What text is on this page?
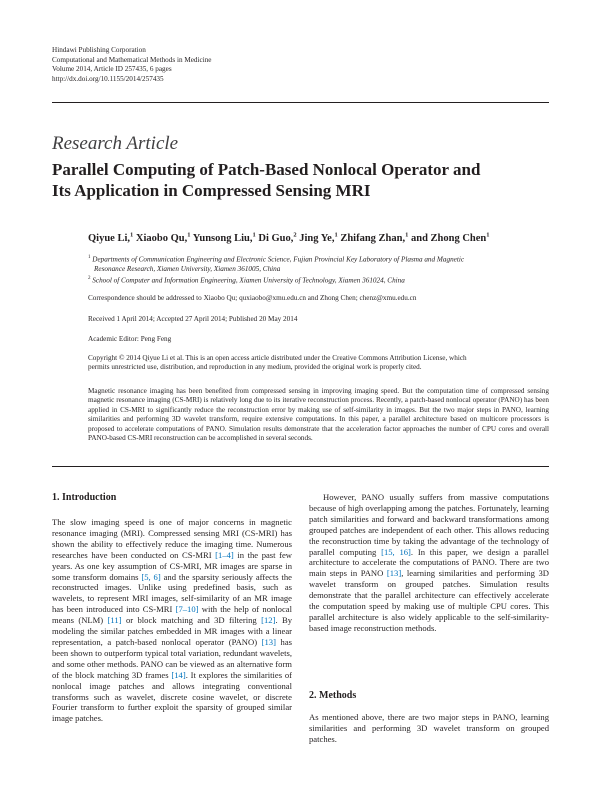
Hindawi Publishing Corporation
Computational and Mathematical Methods in Medicine
Volume 2014, Article ID 257435, 6 pages
http://dx.doi.org/10.1155/2014/257435
Research Article
Parallel Computing of Patch-Based Nonlocal Operator and
Its Application in Compressed Sensing MRI
Qiyue Li,$^1$ Xiaobo Qu,$^1$ Yunsong Liu,$^1$ Di Guo,$^2$ Jing Ye,$^1$ Zhifang Zhan,$^1$ and Zhong Chen$^1$
$^1$ Departments of Communication Engineering and Electronic Science, Fujian Provincial Key Laboratory of Plasma and Magnetic
Resonance Research, Xiamen University, Xiamen 361005, China
$^2$ School of Computer and Information Engineering, Xiamen University of Technology, Xiamen 361024, China
Correspondence should be addressed to Xiaobo Qu; quxiaobo@xmu.edu.cn and Zhong Chen; chenz@xmu.edu.cn
Received 1 April 2014; Accepted 27 April 2014; Published 20 May 2014
Academic Editor: Peng Feng
Copyright © 2014 Qiyue Li et al. This is an open access article distributed under the Creative Commons Attribution License, which
permits unrestricted use, distribution, and reproduction in any medium, provided the original work is properly cited.
Magnetic resonance imaging has been benefited from compressed sensing in improving imaging speed. But the computation time of compressed sensing magnetic resonance imaging (CS-MRI) is relatively long due to its iterative reconstruction process. Recently, a patch-based nonlocal operator (PANO) has been applied in CS-MRI to significantly reduce the reconstruction error by making use of self-similarity in images. But the two major steps in PANO, learning similarities and performing 3D wavelet transform, require extensive computations. In this paper, a parallel architecture based on multicore processors is proposed to accelerate computations of PANO. Simulation results demonstrate that the acceleration factor approaches the number of CPU cores and overall PANO-based CS-MRI reconstruction can be accomplished in several seconds.
1. Introduction

The slow imaging speed is one of major concerns in magnetic resonance imaging (MRI). Compressed sensing MRI (CS-MRI) has shown the ability to effectively reduce the imaging time. Numerous researches have been conducted on CS-MRI [1–4] in the past few years. As one key assumption of CS-MRI, MR images are sparse in some transform domains [5, 6] and the sparsity seriously affects the reconstructed images. Unlike using predefined basis, such as wavelets, to represent MRI images, self-similarity of an MR image has been introduced into CS-MRI [7–10] with the help of nonlocal means (NLM) [11] or block matching and 3D filtering [12]. By modeling the similar patches embedded in MR images with a linear representation, a patch-based nonlocal operator (PANO) [13] has been shown to outperform typical total variation, redundant wavelets, and some other methods. PANO can be viewed as an alternative form of the block matching 3D frames [14]. It explores the similarities of nonlocal image patches and allows integrating conventional transforms such as wavelet, discrete cosine wavelet, or discrete Fourier transform to further exploit the sparsity of grouped similar image patches.

However, PANO usually suffers from massive computations because of high overlapping among the patches. Fortunately, learning patch similarities and forward and backward transformations among grouped patches are independent of each other. This allows reducing the reconstruction time by taking the advantage of the technology of parallel computing [15, 16]. In this paper, we design a parallel architecture to accelerate the computations of PANO. There are two main steps in PANO [13], learning similarities and performing 3D wavelet transform on grouped patches. Simulation results demonstrate that the parallel architecture can effectively accelerate the computation speed by making use of multiple CPU cores. This parallel architecture is also widely applicable to the self-similarity-based image reconstruction methods.

2. Methods
As mentioned above, there are two major steps in PANO, learning similarities and performing 3D wavelet transform on grouped patches.
